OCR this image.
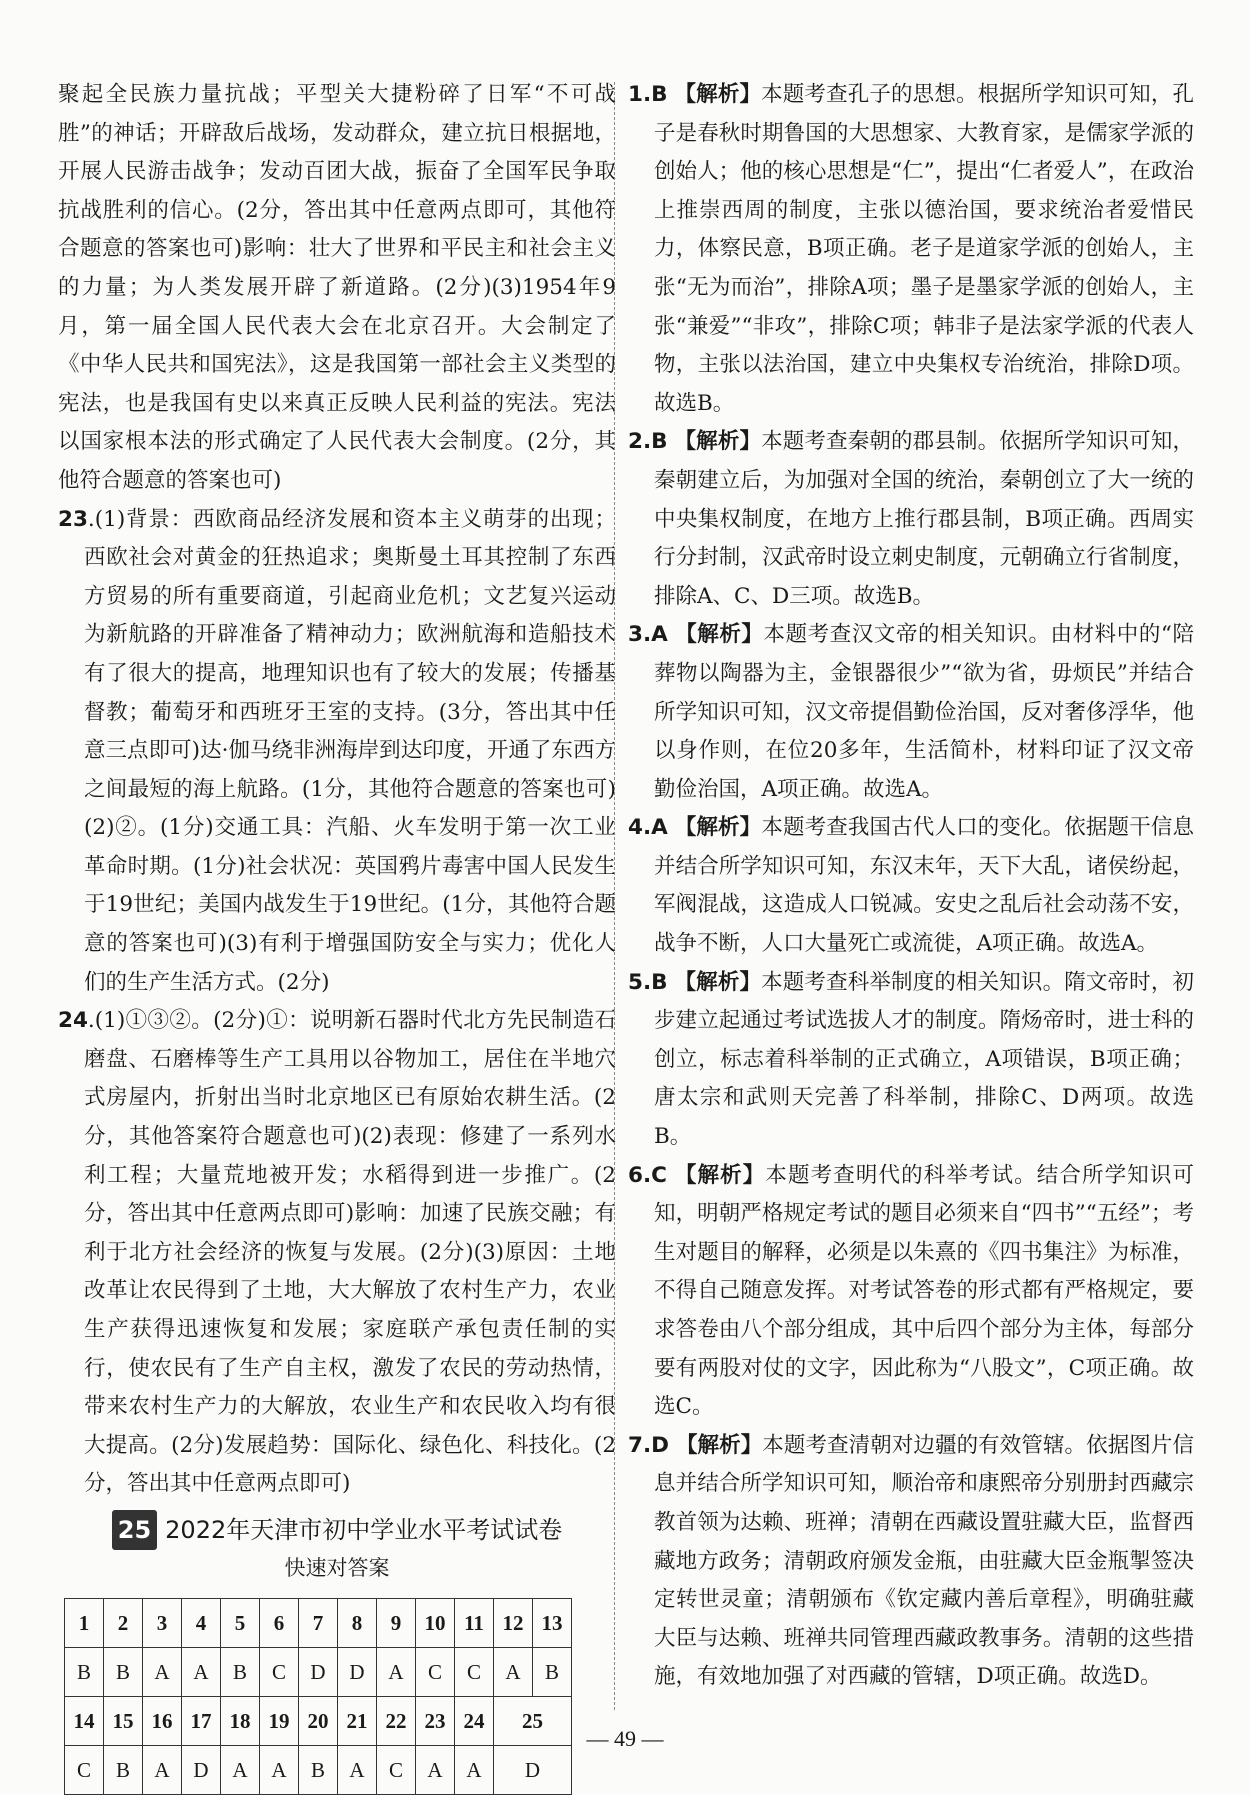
聚起全民族力量抗战；平型关大捷粉碎了日军“不可战胜”的神话；开辟敌后战场，发动群众，建立抗日根据地，开展人民游击战争；发动百团大战，振奋了全国军民争取抗战胜利的信心。(2分，答出其中任意两点即可，其他符合题意的答案也可)影响：壮大了世界和平民主和社会主义的力量；为人类发展开辟了新道路。(2分)(3)1954年9月，第一届全国人民代表大会在北京召开。大会制定了《中华人民共和国宪法》，这是我国第一部社会主义类型的宪法，也是我国有史以来真正反映人民利益的宪法。宪法以国家根本法的形式确定了人民代表大会制度。(2分，其他符合题意的答案也可)

23.(1)背景：西欧商品经济发展和资本主义萌芽的出现；西欧社会对黄金的狂热追求；奥斯曼土耳其控制了东西方贸易的所有重要商道，引起商业危机；文艺复兴运动为新航路的开辟准备了精神动力；欧洲航海和造船技术有了很大的提高，地理知识也有了较大的发展；传播基督教；葡萄牙和西班牙王室的支持。(3分，答出其中任意三点即可)达·伽马绕非洲海岸到达印度，开通了东西方之间最短的海上航路。(1分，其他符合题意的答案也可)(2)②。(1分)交通工具：汽船、火车发明于第一次工业革命时期。(1分)社会状况：英国鸦片毒害中国人民发生于19世纪；美国内战发生于19世纪。(1分，其他符合题意的答案也可)(3)有利于增强国防安全与实力；优化人们的生产生活方式。(2分)

24.(1)①③②。(2分)①：说明新石器时代北方先民制造石磨盘、石磨棒等生产工具用以谷物加工，居住在半地穴式房屋内，折射出当时北京地区已有原始农耕生活。(2分，其他答案符合题意也可)(2)表现：修建了一系列水利工程；大量荒地被开发；水稻得到进一步推广。(2分，答出其中任意两点即可)影响：加速了民族交融；有利于北方社会经济的恢复与发展。(2分)(3)原因：土地改革让农民得到了土地，大大解放了农村生产力，农业生产获得迅速恢复和发展；家庭联产承包责任制的实行，使农民有了生产自主权，激发了农民的劳动热情，带来农村生产力的大解放，农业生产和农民收入均有很大提高。(2分)发展趋势：国际化、绿色化、科技化。(2分，答出其中任意两点即可)

25 2022年天津市初中学业水平考试试卷
快速对答案
1	2	3	4	5	6	7	8	9	10	11	12	13
B	B	A	A	B	C	D	D	A	C	C	A	B
14	15	16	17	18	19	20	21	22	23	24	25	
C	B	A	D	A	A	B	A	C	A	A	D	

1.B 【解析】本题考查孔子的思想。根据所学知识可知，孔子是春秋时期鲁国的大思想家、大教育家，是儒家学派的创始人；他的核心思想是“仁”，提出“仁者爱人”，在政治上推崇西周的制度，主张以德治国，要求统治者爱惜民力，体察民意，B项正确。老子是道家学派的创始人，主张“无为而治”，排除A项；墨子是墨家学派的创始人，主张“兼爱”“非攻”，排除C项；韩非子是法家学派的代表人物，主张以法治国，建立中央集权专治统治，排除D项。故选B。

2.B 【解析】本题考查秦朝的郡县制。依据所学知识可知，秦朝建立后，为加强对全国的统治，秦朝创立了大一统的中央集权制度，在地方上推行郡县制，B项正确。西周实行分封制，汉武帝时设立刺史制度，元朝确立行省制度，排除A、C、D三项。故选B。

3.A 【解析】本题考查汉文帝的相关知识。由材料中的“陪葬物以陶器为主，金银器很少”“欲为省，毋烦民”并结合所学知识可知，汉文帝提倡勤俭治国，反对奢侈浮华，他以身作则，在位20多年，生活简朴，材料印证了汉文帝勤俭治国，A项正确。故选A。

4.A 【解析】本题考查我国古代人口的变化。依据题干信息并结合所学知识可知，东汉末年，天下大乱，诸侯纷起，军阀混战，这造成人口锐减。安史之乱后社会动荡不安，战争不断，人口大量死亡或流徙，A项正确。故选A。

5.B 【解析】本题考查科举制度的相关知识。隋文帝时，初步建立起通过考试选拔人才的制度。隋炀帝时，进士科的创立，标志着科举制的正式确立，A项错误，B项正确；唐太宗和武则天完善了科举制，排除C、D两项。故选B。

6.C 【解析】本题考查明代的科举考试。结合所学知识可知，明朝严格规定考试的题目必须来自“四书”“五经”；考生对题目的解释，必须是以朱熹的《四书集注》为标准，不得自己随意发挥。对考试答卷的形式都有严格规定，要求答卷由八个部分组成，其中后四个部分为主体，每部分要有两股对仗的文字，因此称为“八股文”，C项正确。故选C。

7.D 【解析】本题考查清朝对边疆的有效管辖。依据图片信息并结合所学知识可知，顺治帝和康熙帝分别册封西藏宗教首领为达赖、班禅；清朝在西藏设置驻藏大臣，监督西藏地方政务；清朝政府颁发金瓶，由驻藏大臣金瓶掣签决定转世灵童；清朝颁布《钦定藏内善后章程》，明确驻藏大臣与达赖、班禅共同管理西藏政教事务。清朝的这些措施，有效地加强了对西藏的管辖，D项正确。故选D。

— 49 —
